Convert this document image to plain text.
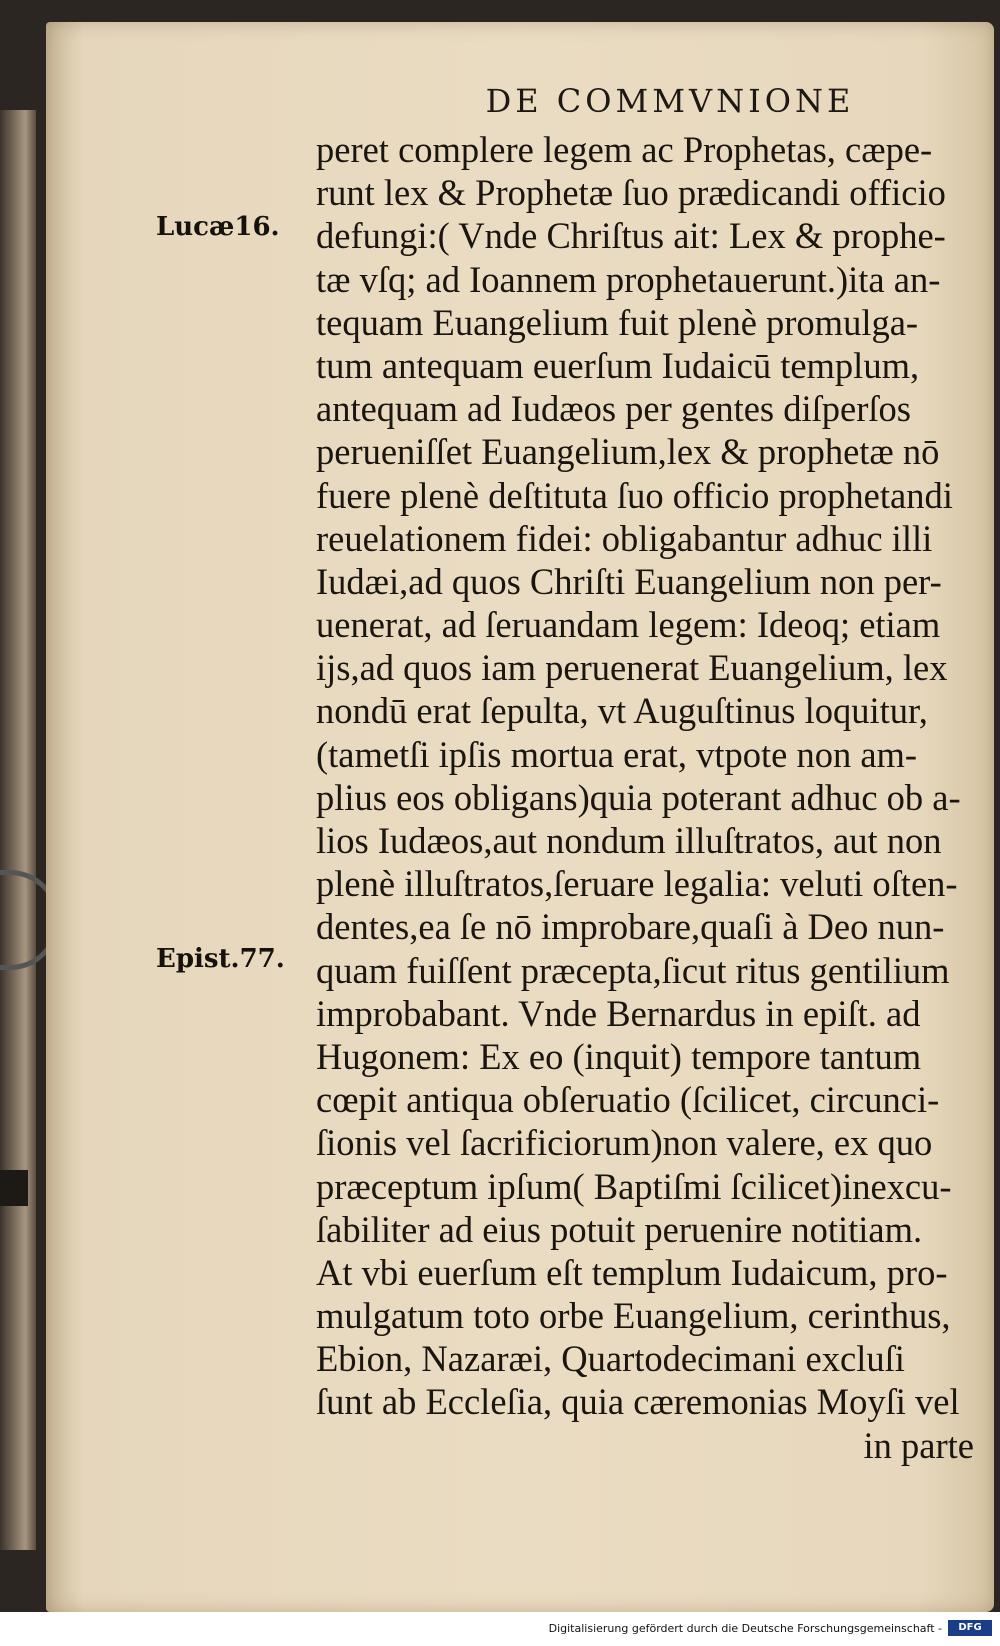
DE COMMVNIONE
Lucæ16.
Epist.77.
peret complere legem ac Prophetas, cæpe-
runt lex & Prophetæ ſuo prædicandi officio
defungi:( Vnde Chriſtus ait: Lex & prophe-
tæ vſq; ad Ioannem prophetauerunt.)ita an-
tequam Euangelium fuit plenè promulga-
tum antequam euerſum Iudaicū templum,
antequam ad Iudæos per gentes diſperſos
perueniſſet Euangelium,lex & prophetæ nō
fuere plenè deſtituta ſuo officio prophetandi
reuelationem fidei: obligabantur adhuc illi
Iudæi,ad quos Chriſti Euangelium non per-
uenerat, ad ſeruandam legem: Ideoq; etiam
ijs,ad quos iam peruenerat Euangelium, lex
nondū erat ſepulta, vt Auguſtinus loquitur,
(tametſi ipſis mortua erat, vtpote non am-
plius eos obligans)quia poterant adhuc ob a-
lios Iudæos,aut nondum illuſtratos, aut non
plenè illuſtratos,ſeruare legalia: veluti oſten-
dentes,ea ſe nō improbare,quaſi à Deo nun-
quam fuiſſent præcepta,ſicut ritus gentilium
improbabant. Vnde Bernardus in epiſt. ad
Hugonem: Ex eo (inquit) tempore tantum
cœpit antiqua obſeruatio (ſcilicet, circunci-
ſionis vel ſacrificiorum)non valere, ex quo
præceptum ipſum( Baptiſmi ſcilicet)inexcu-
ſabiliter ad eius potuit peruenire notitiam.
At vbi euerſum eſt templum Iudaicum, pro-
mulgatum toto orbe Euangelium, cerinthus,
Ebion, Nazaræi, Quartodecimani excluſi
ſunt ab Eccleſia, quia cæremonias Moyſi vel
in parte
Digitalisierung gefördert durch die Deutsche Forschungsgemeinschaft -	DFG
